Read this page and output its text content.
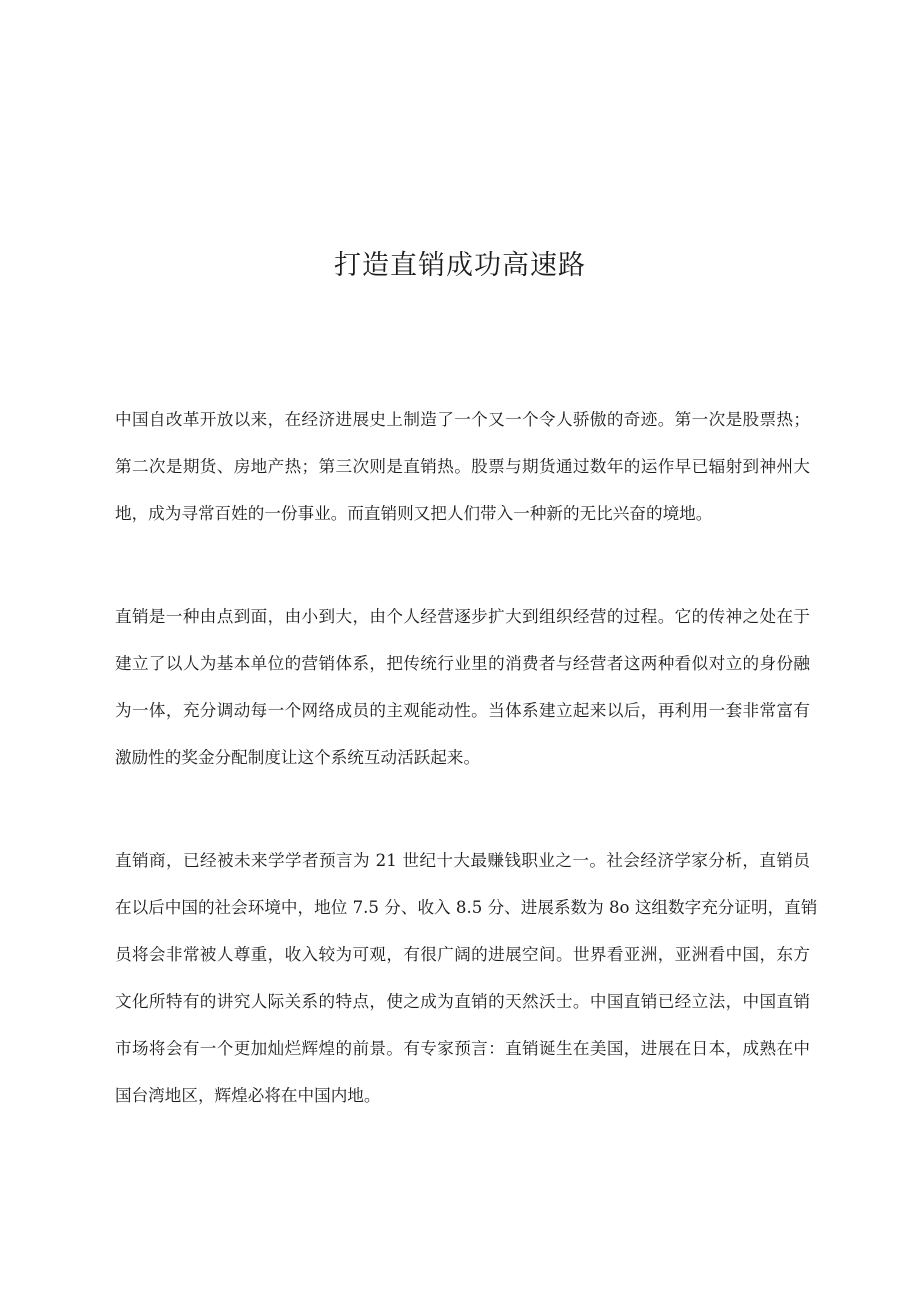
打造直销成功高速路

中国自改革开放以来，在经济进展史上制造了一个又一个令人骄傲的奇迹。第一次是股票热；
第二次是期货、房地产热；第三次则是直销热。股票与期货通过数年的运作早已辐射到神州大
地，成为寻常百姓的一份事业。而直销则又把人们带入一种新的无比兴奋的境地。

直销是一种由点到面，由小到大，由个人经营逐步扩大到组织经营的过程。它的传神之处在于
建立了以人为基本单位的营销体系，把传统行业里的消费者与经营者这两种看似对立的身份融
为一体，充分调动每一个网络成员的主观能动性。当体系建立起来以后，再利用一套非常富有
激励性的奖金分配制度让这个系统互动活跃起来。

直销商，已经被未来学学者预言为 21 世纪十大最赚钱职业之一。社会经济学家分析，直销员
在以后中国的社会环境中，地位 7.5 分、收入 8.5 分、进展系数为 8o 这组数字充分证明，直销
员将会非常被人尊重，收入较为可观，有很广阔的进展空间。世界看亚洲，亚洲看中国，东方
文化所特有的讲究人际关系的特点，使之成为直销的天然沃士。中国直销已经立法，中国直销
市场将会有一个更加灿烂辉煌的前景。有专家预言：直销诞生在美国，进展在日本，成熟在中
国台湾地区，辉煌必将在中国内地。
